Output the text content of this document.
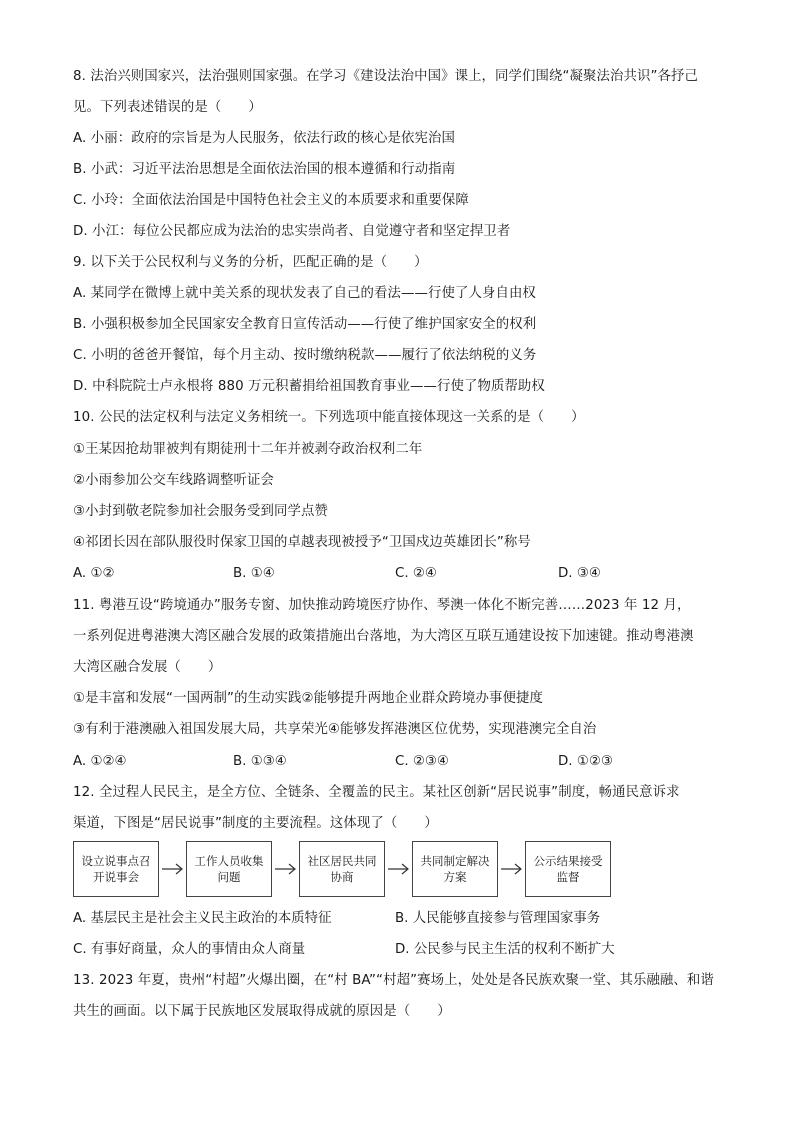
8. 法治兴则国家兴，法治强则国家强。在学习《建设法治中国》课上，同学们围绕“凝聚法治共识”各抒己
见。下列表述错误的是（　　）
A. 小丽：政府的宗旨是为人民服务，依法行政的核心是依宪治国
B. 小武：习近平法治思想是全面依法治国的根本遵循和行动指南
C. 小玲：全面依法治国是中国特色社会主义的本质要求和重要保障
D. 小江：每位公民都应成为法治的忠实崇尚者、自觉遵守者和坚定捍卫者
9. 以下关于公民权利与义务的分析，匹配正确的是（　　）
A. 某同学在微博上就中美关系的现状发表了自己的看法——行使了人身自由权
B. 小强积极参加全民国家安全教育日宣传活动——行使了维护国家安全的权利
C. 小明的爸爸开餐馆，每个月主动、按时缴纳税款——履行了依法纳税的义务
D. 中科院院士卢永根将 880 万元积蓄捐给祖国教育事业——行使了物质帮助权
10. 公民的法定权利与法定义务相统一。下列选项中能直接体现这一关系的是（　　）
①王某因抢劫罪被判有期徒刑十二年并被剥夺政治权利二年
②小雨参加公交车线路调整听证会
③小封到敬老院参加社会服务受到同学点赞
④祁团长因在部队服役时保家卫国的卓越表现被授予“卫国戍边英雄团长”称号
A. ①②	B. ①④	C. ②④	D. ③④
11. 粤港互设“跨境通办”服务专窗、加快推动跨境医疗协作、琴澳一体化不断完善……2023 年 12 月，
一系列促进粤港澳大湾区融合发展的政策措施出台落地，为大湾区互联互通建设按下加速键。推动粤港澳
大湾区融合发展（　　）
①是丰富和发展“一国两制”的生动实践②能够提升两地企业群众跨境办事便捷度
③有利于港澳融入祖国发展大局，共享荣光④能够发挥港澳区位优势，实现港澳完全自治
A. ①②④	B. ①③④	C. ②③④	D. ①②③
12. 全过程人民民主，是全方位、全链条、全覆盖的民主。某社区创新“居民说事”制度，畅通民意诉求
渠道，下图是“居民说事”制度的主要流程。这体现了（　　）
设立说事点召开说事会
工作人员收集问题
社区居民共同协商
共同制定解决方案
公示结果接受监督
A. 基层民主是社会主义民主政治的本质特征	B. 人民能够直接参与管理国家事务
C. 有事好商量，众人的事情由众人商量	D. 公民参与民主生活的权利不断扩大
13. 2023 年夏，贵州“村超”火爆出圈，在“村 BA”“村超”赛场上，处处是各民族欢聚一堂、其乐融融、和谐
共生的画面。以下属于民族地区发展取得成就的原因是（　　）
